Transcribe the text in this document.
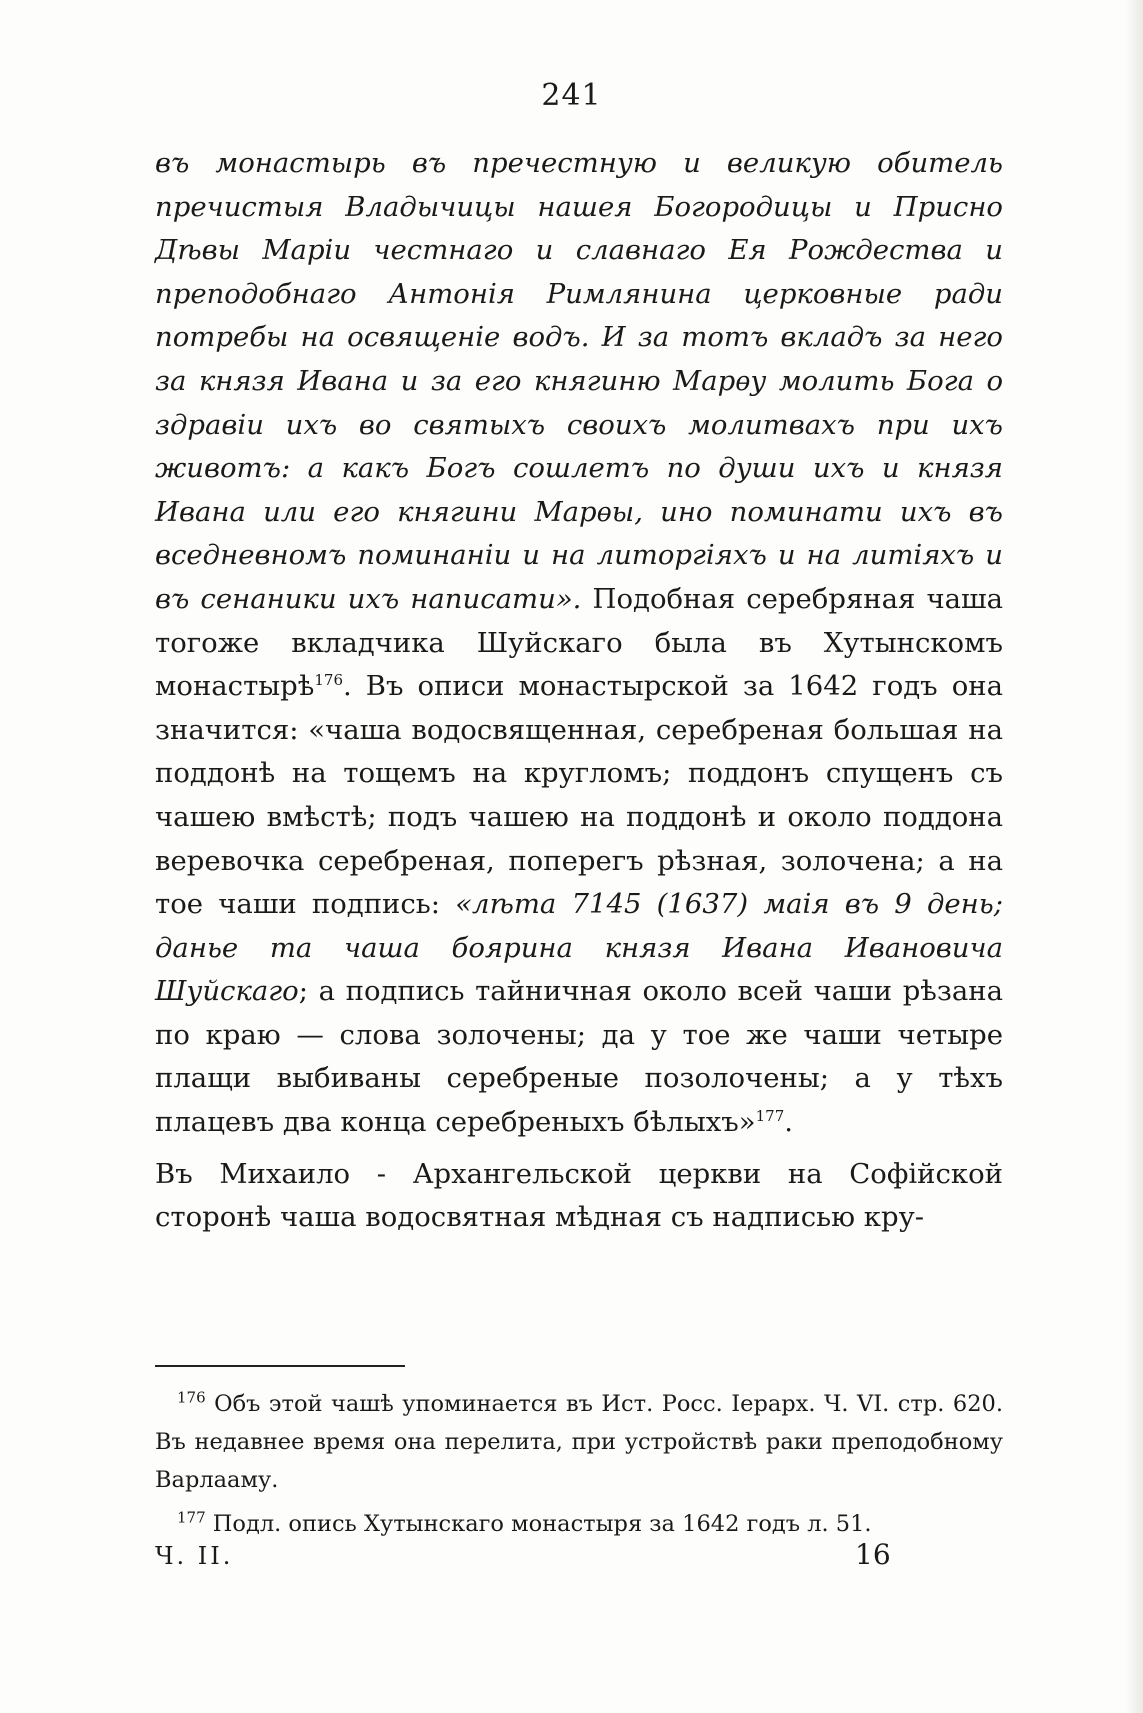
241

въ монастырь въ пречестную и великую обитель пречистыя Владычицы нашея Богородицы и Присно Дѣвы Маріи честнаго и славнаго Ея Рождества и преподобнаго Антонія Римлянина церковные ради потребы на освященіе водъ. И за тотъ вкладъ за него за князя Ивана и за его княгиню Марѳу молить Бога о здравіи ихъ во святыхъ своихъ молитвахъ при ихъ животъ: а какъ Богъ сошлетъ по души ихъ и князя Ивана или его княгини Марѳы, ино поминати ихъ въ вседневномъ поминаніи и на литоргіяхъ и на литіяхъ и въ сенаники ихъ написати». Подобная серебряная чаша тогоже вкладчика Шуйскаго была въ Хутынскомъ монастырѣ$^{176}$. Въ описи монастырской за 1642 годъ она значится: «чаша водосвященная, серебреная большая на поддонѣ на тощемъ на кругломъ; поддонъ спущенъ съ чашею вмѣстѣ; подъ чашею на поддонѣ и около поддона веревочка серебреная, поперегъ рѣзная, золочена; а на тое чаши подпись: «лѣта 7145 (1637) маія въ 9 день; данье та чаша боярина князя Ивана Ивановича Шуйскаго; а подпись тайничная около всей чаши рѣзана по краю — слова золочены; да у тое же чаши четыре плащи выбиваны серебреные позолочены; а у тѣхъ плацевъ два конца серебреныхъ бѣлыхъ»$^{177}$.

Въ Михаило - Архангельской церкви на Софійской сторонѣ чаша водосвятная мѣдная съ надписью кру-

$^{176}$ Объ этой чашѣ упоминается въ Ист. Росс. Іерарх. Ч. VI. стр. 620. Въ недавнее время она перелита, при устройствѣ раки преподобному Варлааму.

$^{177}$ Подл. опись Хутынскаго монастыря за 1642 годъ л. 51.

Ч. II.	16
